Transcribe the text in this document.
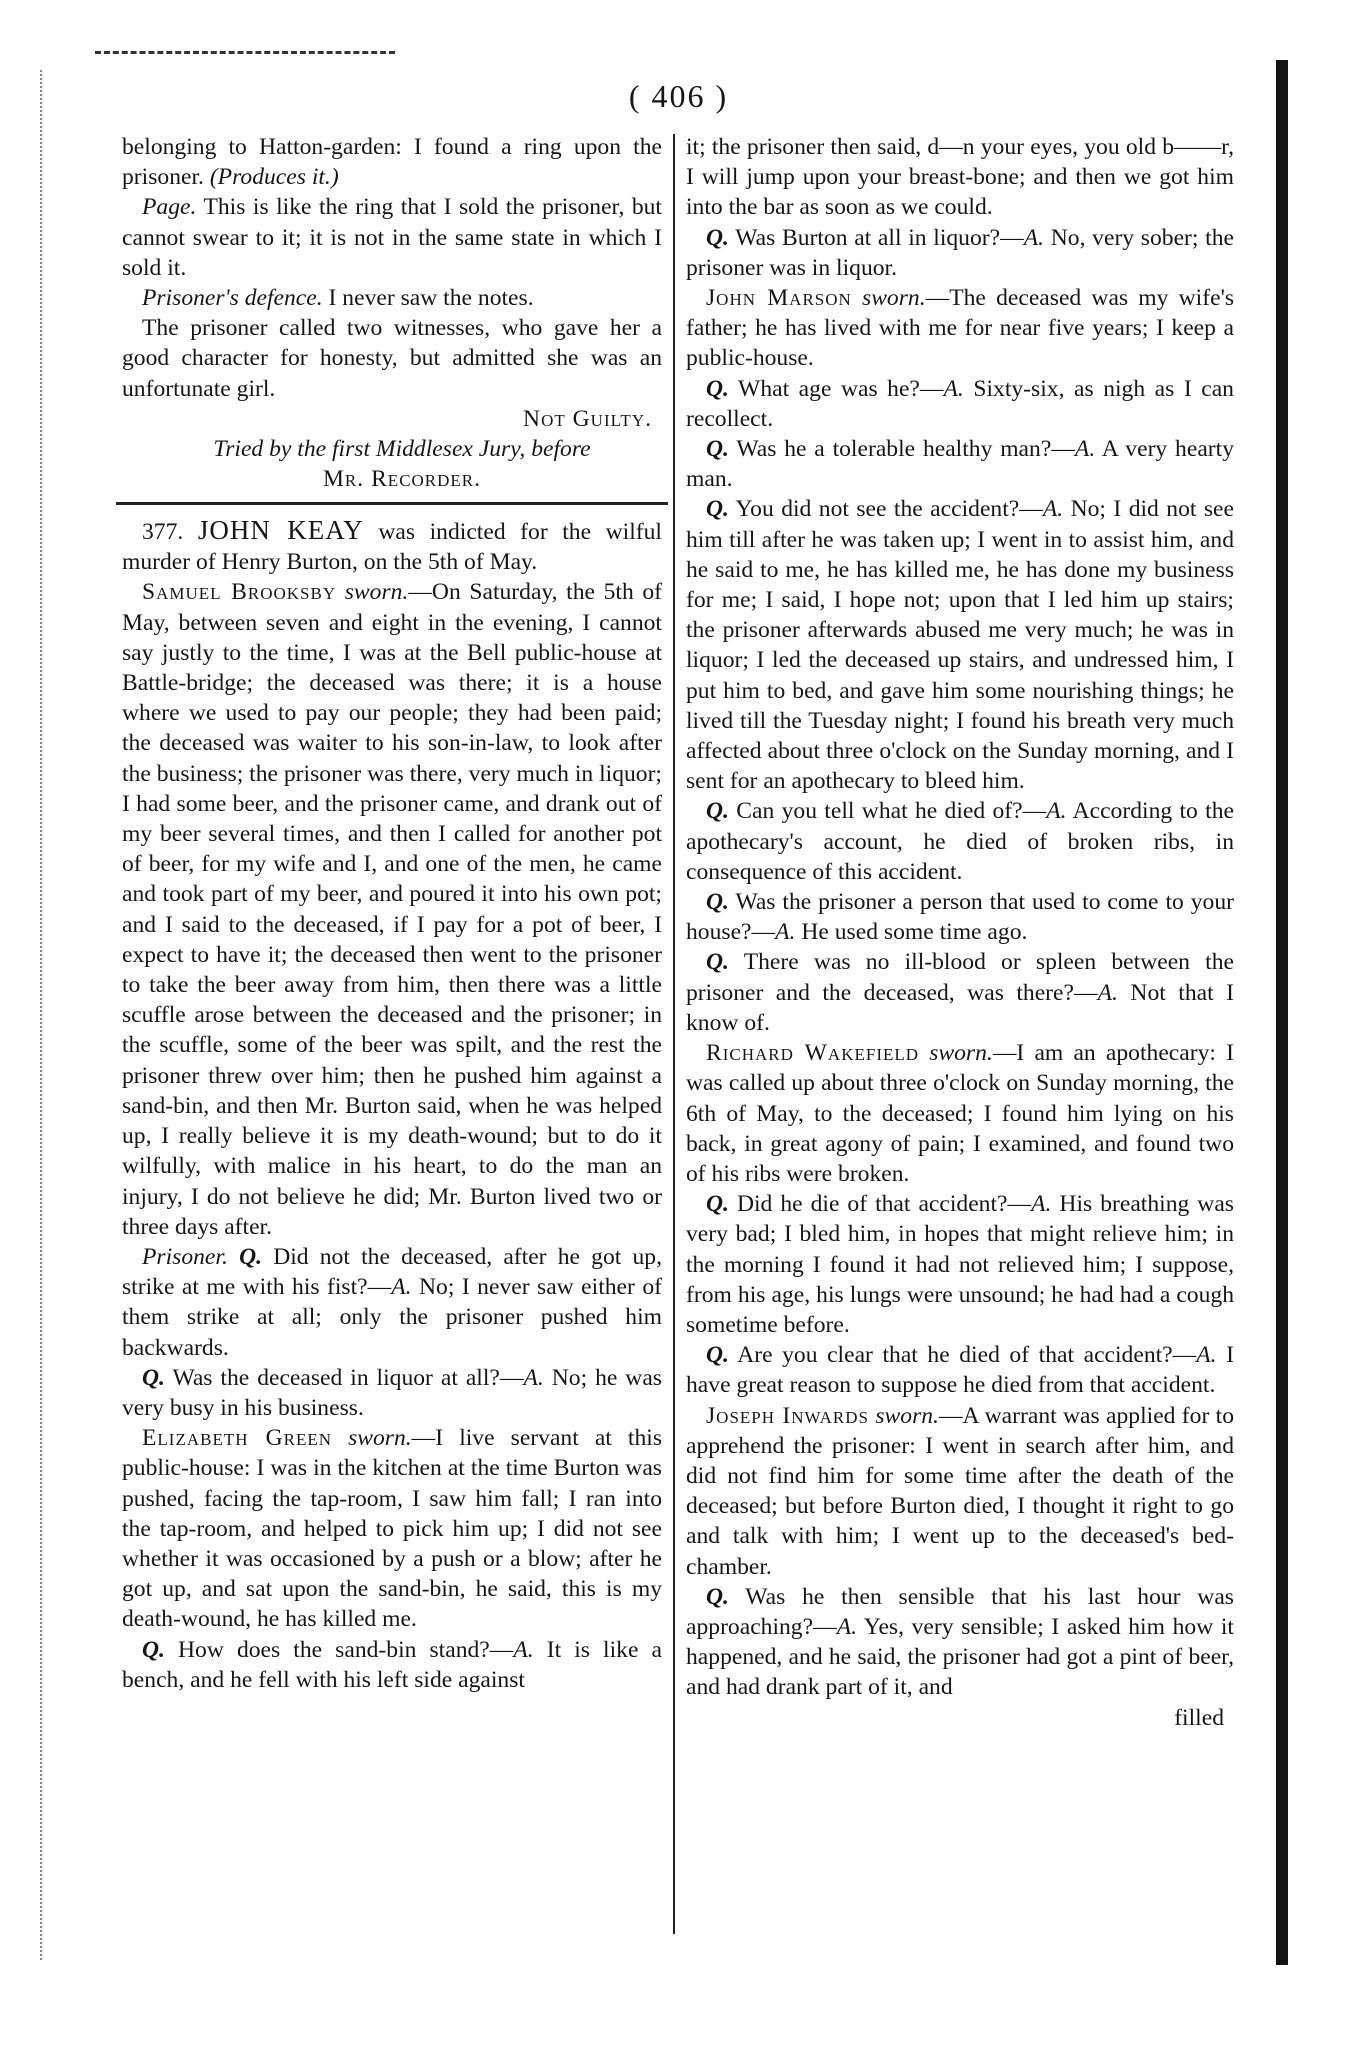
( 406 )

belonging to Hatton-garden: I found a ring upon the prisoner. (Produces it.)

Page. This is like the ring that I sold the prisoner, but cannot swear to it; it is not in the same state in which I sold it.

Prisoner's defence. I never saw the notes.

The prisoner called two witnesses, who gave her a good character for honesty, but admitted she was an unfortunate girl.

Not Guilty.

Tried by the first Middlesex Jury, before

Mr. Recorder.

377. JOHN KEAY was indicted for the wilful murder of Henry Burton, on the 5th of May.

Samuel Brooksby sworn.—On Saturday, the 5th of May, between seven and eight in the evening, I cannot say justly to the time, I was at the Bell public-house at Battle-bridge; the deceased was there; it is a house where we used to pay our people; they had been paid; the deceased was waiter to his son-in-law, to look after the business; the prisoner was there, very much in liquor; I had some beer, and the prisoner came, and drank out of my beer several times, and then I called for another pot of beer, for my wife and I, and one of the men, he came and took part of my beer, and poured it into his own pot; and I said to the deceased, if I pay for a pot of beer, I expect to have it; the deceased then went to the prisoner to take the beer away from him, then there was a little scuffle arose between the deceased and the prisoner; in the scuffle, some of the beer was spilt, and the rest the prisoner threw over him; then he pushed him against a sand-bin, and then Mr. Burton said, when he was helped up, I really believe it is my death-wound; but to do it wilfully, with malice in his heart, to do the man an injury, I do not believe he did; Mr. Burton lived two or three days after.

Prisoner. Q. Did not the deceased, after he got up, strike at me with his fist?—A. No; I never saw either of them strike at all; only the prisoner pushed him backwards.

Q. Was the deceased in liquor at all?—A. No; he was very busy in his business.

Elizabeth Green sworn.—I live servant at this public-house: I was in the kitchen at the time Burton was pushed, facing the tap-room, I saw him fall; I ran into the tap-room, and helped to pick him up; I did not see whether it was occasioned by a push or a blow; after he got up, and sat upon the sand-bin, he said, this is my death-wound, he has killed me.

Q. How does the sand-bin stand?—A. It is like a bench, and he fell with his left side against

it; the prisoner then said, d—n your eyes, you old b——r, I will jump upon your breast-bone; and then we got him into the bar as soon as we could.

Q. Was Burton at all in liquor?—A. No, very sober; the prisoner was in liquor.

John Marson sworn.—The deceased was my wife's father; he has lived with me for near five years; I keep a public-house.

Q. What age was he?—A. Sixty-six, as nigh as I can recollect.

Q. Was he a tolerable healthy man?—A. A very hearty man.

Q. You did not see the accident?—A. No; I did not see him till after he was taken up; I went in to assist him, and he said to me, he has killed me, he has done my business for me; I said, I hope not; upon that I led him up stairs; the prisoner afterwards abused me very much; he was in liquor; I led the deceased up stairs, and undressed him, I put him to bed, and gave him some nourishing things; he lived till the Tuesday night; I found his breath very much affected about three o'clock on the Sunday morning, and I sent for an apothecary to bleed him.

Q. Can you tell what he died of?—A. According to the apothecary's account, he died of broken ribs, in consequence of this accident.

Q. Was the prisoner a person that used to come to your house?—A. He used some time ago.

Q. There was no ill-blood or spleen between the prisoner and the deceased, was there?—A. Not that I know of.

Richard Wakefield sworn.—I am an apothecary: I was called up about three o'clock on Sunday morning, the 6th of May, to the deceased; I found him lying on his back, in great agony of pain; I examined, and found two of his ribs were broken.

Q. Did he die of that accident?—A. His breathing was very bad; I bled him, in hopes that might relieve him; in the morning I found it had not relieved him; I suppose, from his age, his lungs were unsound; he had had a cough sometime before.

Q. Are you clear that he died of that accident?—A. I have great reason to suppose he died from that accident.

Joseph Inwards sworn.—A warrant was applied for to apprehend the prisoner: I went in search after him, and did not find him for some time after the death of the deceased; but before Burton died, I thought it right to go and talk with him; I went up to the deceased's bed-chamber.

Q. Was he then sensible that his last hour was approaching?—A. Yes, very sensible; I asked him how it happened, and he said, the prisoner had got a pint of beer, and had drank part of it, and

filled
